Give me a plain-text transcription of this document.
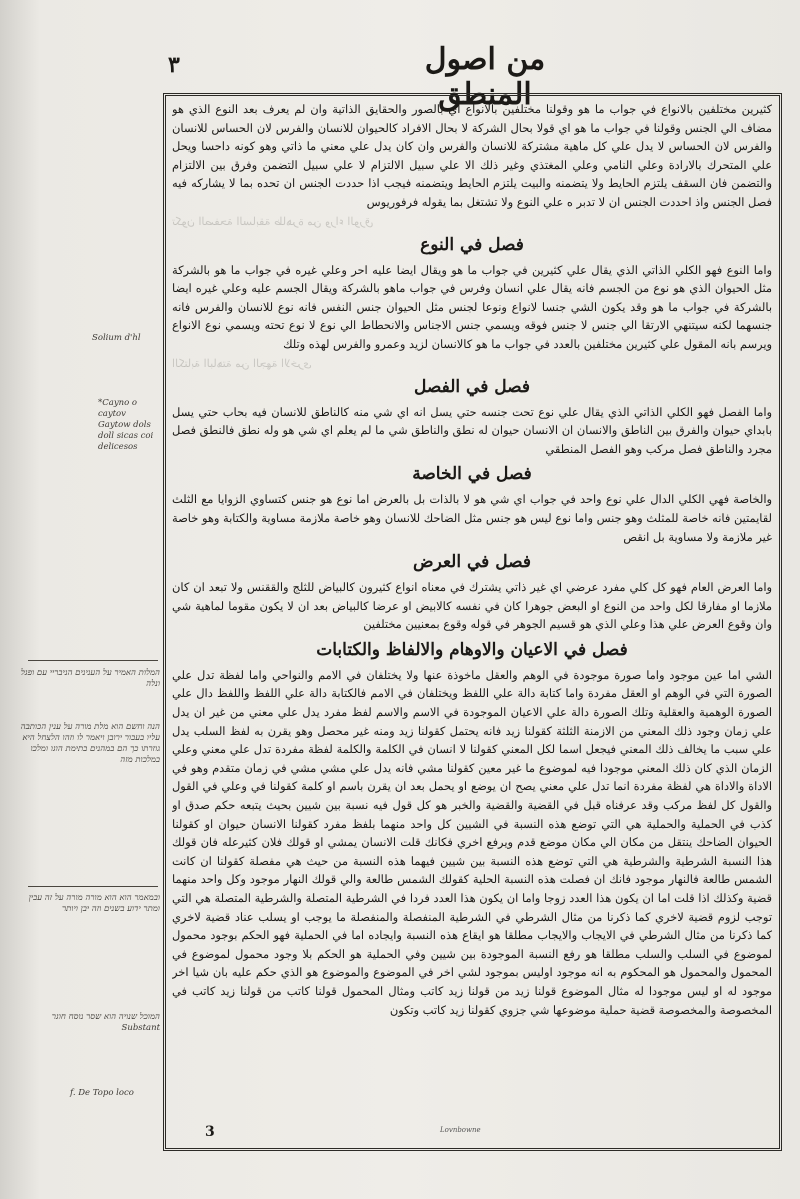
من اصول المنطق
٣

كثيرين مختلفين بالانواع في جواب ما هو وقولنا مختلفين بالانواع اي بالصور والحقايق الذاتية وان لم يعرف بعد النوع الذي هو مضاف الي الجنس وقولنا في جواب ما هو اي قولا بحال الشركة لا بحال الافراد كالحيوان للانسان والفرس لان الحساس للانسان والفرس لان الحساس لا يدل علي كل ماهية مشتركة للانسان والفرس وان كان يدل علي معني ما ذاتي وهو كونه داحسا ويحل علي المتحرك بالارادة وعلي النامي وعلي المغتذي وغير ذلك الا علي سبيل الالتزام لا علي سبيل التضمن وفرق بين الالتزام والتضمن فان السقف يلتزم الحايط ولا يتضمنه والبيت يلتزم الحايط ويتضمنه فيجب اذا حددت الجنس ان تحده بما لا يشاركه فيه فصل الجنس واذ احددت الجنس ان لا تدبر ه علي النوع ولا تشتغل بما يقوله فرفوريوس

ﺗﻜﻮﻥ ﺍﻟﺼﻔﺤﺔ ﺍﻟﺴﺎﺑﻘﺔ ﻇﺎﻫﺮﺓ ﻣﻦ ﻭﺭﺍء ﺍﻟﻮﺭﻕ
فصل في النوع

واما النوع فهو الكلي الذاتي الذي يقال علي كثيرين في جواب ما هو ويقال ايضا عليه احر وعلي غيره في جواب ما هو بالشركة مثل الحيوان الذي هو نوع من الجسم فانه يقال علي انسان وفرس في جواب ماهو بالشركة ويقال الجسم عليه وعلي غيره ايضا بالشركة في جواب ما هو وقد يكون الشي جنسا لانواع ونوعا لجنس مثل الحيوان جنس النفس فانه نوع للانسان والفرس فانه جنسهما لكنه سيتنهي الارتقا الي جنس لا جنس فوقه ويسمي جنس الاجناس والانحطاط الي نوع لا نوع تحته ويسمي نوع الانواع ويرسم بانه المقول علي كثيرين مختلفين بالعدد في جواب ما هو كالانسان لزيد وعمرو والفرس لهذه وتلك

ﺍﻟﻜﺘﺎﺑﺔ ﺍﻟﺒﺎﻫﺘﺔ ﻣﻦ ﺍﻟﺠﻬﺔ ﺍﻻﺧﺮﻯ
فصل في الفصل

واما الفصل فهو الكلي الذاتي الذي يقال علي نوع تحت جنسه حتي يسل انه اي شي منه كالناطق للانسان فيه بحاب حتي يسل بابداي حيوان والفرق بين الناطق والانسان ان الانسان حيوان له نطق والناطق شي ما لم يعلم اي شي هو وله نطق فالنطق فصل مجرد والناطق فصل مركب وهو الفصل المنطقي

فصل في الخاصة

والخاصة فهي الكلي الدال علي نوع واحد في جواب اي شي هو لا بالذات بل بالعرض اما نوع هو جنس كتساوي الزوايا مع الثلث لقايمتين فانه خاصة للمثلث وهو جنس واما نوع ليس هو جنس مثل الضاحك للانسان وهو خاصة ملازمة مساوية والكتابة وهو خاصة غير ملازمة ولا مساوية بل انقص

فصل في العرض

واما العرض العام فهو كل كلي مفرد عرضي اي غير ذاتي يشترك في معناه انواع كثيرون كالبياض للثلج والققنس ولا تبعد ان كان ملازما او مفارقا لكل واحد من النوع او البعض جوهرا كان في نفسه كالابيض او عرضا كالبياض بعد ان لا يكون مقوما لماهية شي وان وقوع العرض علي هذا وعلي الذي هو قسيم الجوهر في قوله وقوع بمعنيين مختلفين

فصل في الاعيان والاوهام والالفاظ والكتابات

الشي اما عين موجود واما صورة موجودة في الوهم والعقل ماخوذة عنها ولا يختلفان في الامم والنواحي واما لفظة تدل علي الصورة التي في الوهم او العقل مفردة واما كتابة دالة علي اللفظ ويختلفان في الامم فالكتابة دالة علي اللفظ واللفظ دال علي الصورة الوهمية والعقلية وتلك الصورة دالة علي الاعيان الموجودة في الاسم والاسم لفظ مفرد يدل علي معني من غير ان يدل علي زمان وجود ذلك المعني من الازمنة الثلثة كقولنا زيد فانه يحتمل كقولنا زيد ومنه غير محصل وهو يقرن به لفظ السلب يدل علي سبب ما يخالف ذلك المعني فيجعل اسما لكل المعني كقولنا لا انسان في الكلمة والكلمة لفظة مفردة تدل علي معني وعلي الزمان الذي كان ذلك المعني موجودا فيه لموضوع ما غير معين كقولنا مشي فانه يدل علي مشي مشي في زمان متقدم وهو في الاداة والاداة هي لفظة مفردة انما تدل علي معني يصح ان يوضع او يحمل بعد ان يقرن باسم او كلمة كقولنا في وعلي في القول والقول كل لفظ مركب وقد عرفناه قبل في القضية والقضية والخبر هو كل قول فيه نسبة بين شيين بحيث يتبعه حكم صدق او كذب في الحملية والحملية هي التي توضع هذه النسبة في الشيين كل واحد منهما بلفظ مفرد كقولنا الانسان حيوان او كقولنا الحيوان الضاحك ينتقل من مكان الي مكان موضع قدم ويرفع اخري فكانك قلت الانسان يمشي او قولك فلان كثيرعله فان قولك هذا النسبة الشرطية والشرطية هي التي توضع هذه النسبة بين شيين فيهما هذه النسبة من حيث هي مفصلة كقولنا ان كانت الشمس طالعة فالنهار موجود فانك ان فصلت هذه النسبة الحلية كقولك الشمس طالعة والي قولك النهار موجود وكل واحد منهما قضية وكذلك اذا قلت اما ان يكون هذا العدد زوجا واما ان يكون هذا العدد فردا في الشرطية المتصلة والشرطية المتصلة هي التي توجب لزوم قضية لاخري كما ذكرنا من مثال الشرطي في الشرطية المنفصلة والمنفصلة ما يوجب او يسلب عناد قضية لاخري كما ذكرنا من مثال الشرطي في الايجاب والايجاب مطلقا هو ايقاع هذه النسبة وايجاده اما في الحملية فهو الحكم بوجود محمول لموضوع في السلب والسلب مطلقا هو رفع النسبة الموجودة بين شيين وفي الحملية هو الحكم بلا وجود محمول لموضوع في المحمول والمحمول هو المحكوم به انه موجود اوليس بموجود لشي اخر في الموضوع والموضوع هو الذي حكم عليه بان شيا اخر موجود له او ليس موجودا له مثال الموضوع قولنا زيد من قولنا زيد كاتب ومثال المحمول قولنا كاتب من قولنا زيد كاتب في المخصوصة والمخصوصة قضية حملية موضوعها شي جزوي كقولنا زيد كاتب وتكون

Solium d'hl
*Cayno o caytov Gaytow dols doll sicas coi delicesos
המלות האמיר על הענינים הניבריי עם ופגל ונלה
הנה וחשם הוא מלת מורה על ענין הכותבה עליו בעבור ירובן ויאמר לו וזהו הלצחל היא גוזרתו כך הם במהנים בתימת הוגו ומלכו במלכות מזה
ובמאמר הוא הוא מורה מורה על זה עבין ומתר ידוע בשנים וזה יבן ויותר
המוכל שנויה הוא שסר נוסח חוגר Substant
f. De Topo loco
3	Lovnbowne
